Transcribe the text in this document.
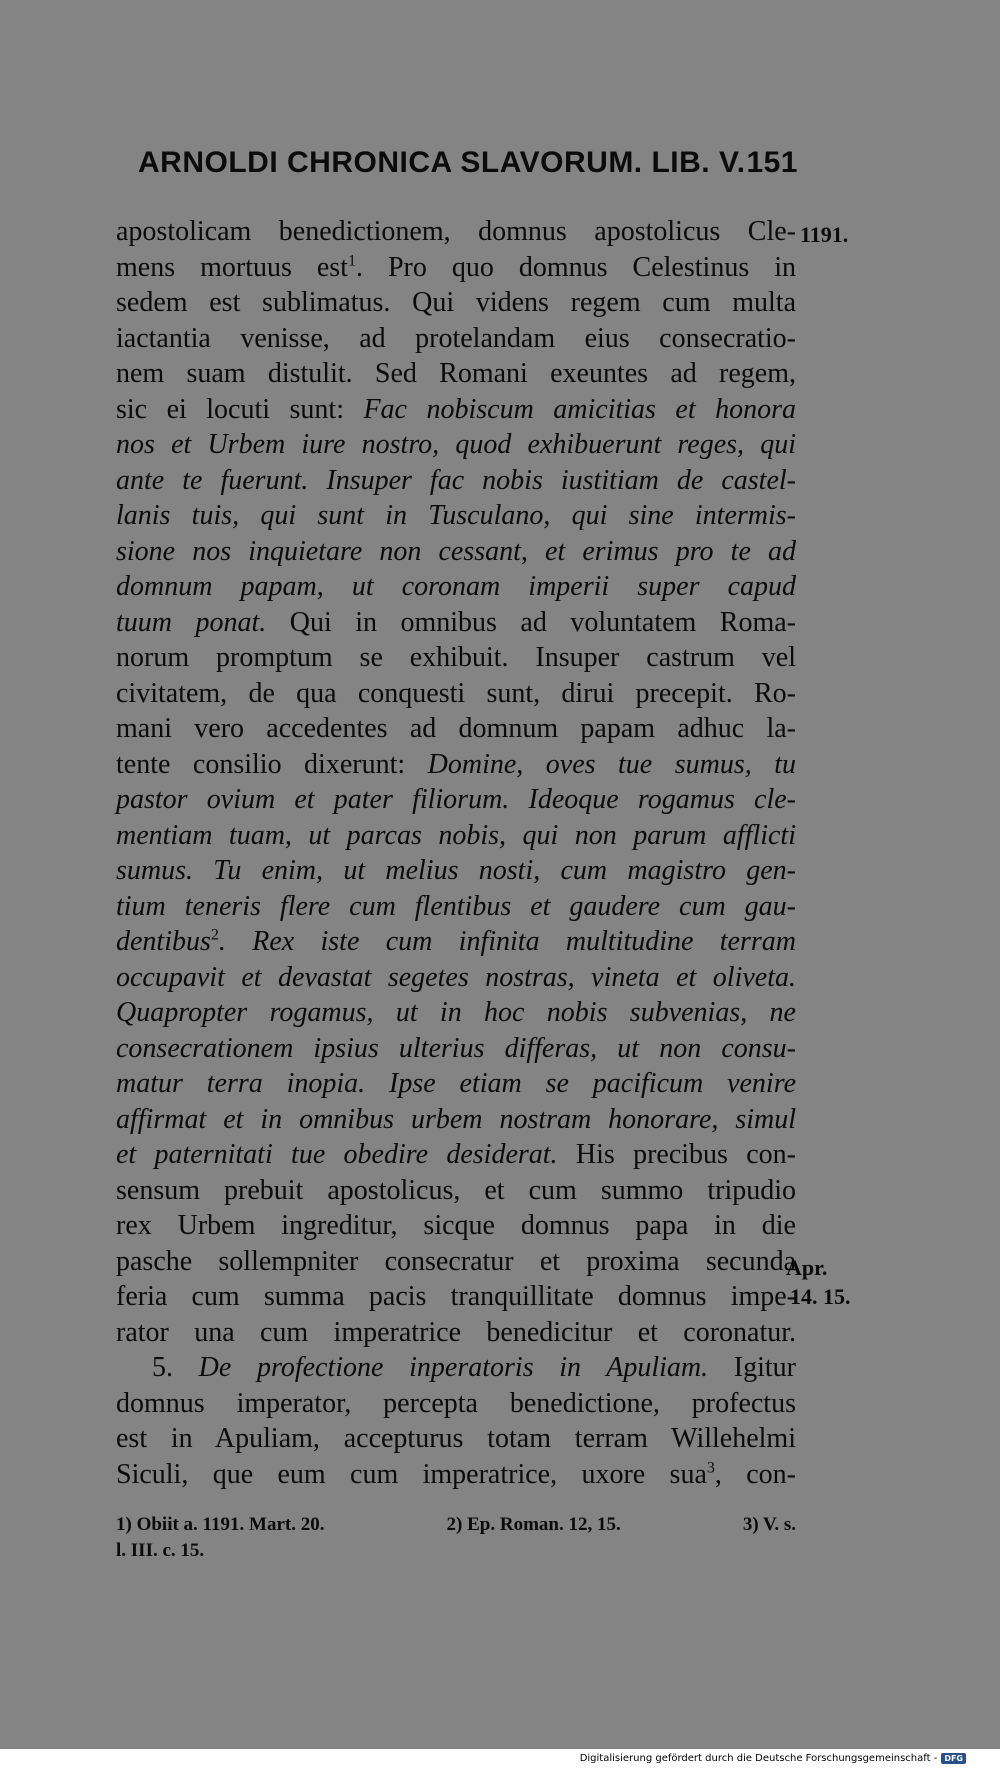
ARNOLDI CHRONICA SLAVORUM. LIB. V. 151
apostolicam benedictionem, domnus apostolicus Cle-
mens mortuus est$^1$. Pro quo domnus Celestinus in
sedem est sublimatus. Qui videns regem cum multa
iactantia venisse, ad protelandam eius consecratio-
nem suam distulit. Sed Romani exeuntes ad regem,
sic ei locuti sunt: Fac nobiscum amicitias et honora
nos et Urbem iure nostro, quod exhibuerunt reges, qui
ante te fuerunt. Insuper fac nobis iustitiam de castel-
lanis tuis, qui sunt in Tusculano, qui sine intermis-
sione nos inquietare non cessant, et erimus pro te ad
domnum papam, ut coronam imperii super capud
tuum ponat. Qui in omnibus ad voluntatem Roma-
norum promptum se exhibuit. Insuper castrum vel
civitatem, de qua conquesti sunt, dirui precepit. Ro-
mani vero accedentes ad domnum papam adhuc la-
tente consilio dixerunt: Domine, oves tue sumus, tu
pastor ovium et pater filiorum. Ideoque rogamus cle-
mentiam tuam, ut parcas nobis, qui non parum afflicti
sumus. Tu enim, ut melius nosti, cum magistro gen-
tium teneris flere cum flentibus et gaudere cum gau-
dentibus$^2$. Rex iste cum infinita multitudine terram
occupavit et devastat segetes nostras, vineta et oliveta.
Quapropter rogamus, ut in hoc nobis subvenias, ne
consecrationem ipsius ulterius differas, ut non consu-
matur terra inopia. Ipse etiam se pacificum venire
affirmat et in omnibus urbem nostram honorare, simul
et paternitati tue obedire desiderat. His precibus con-
sensum prebuit apostolicus, et cum summo tripudio
rex Urbem ingreditur, sicque domnus papa in die
pasche sollempniter consecratur et proxima secunda
feria cum summa pacis tranquillitate domnus impe-
rator una cum imperatrice benedicitur et coronatur.
5. De profectione inperatoris in Apuliam. Igitur
domnus imperator, percepta benedictione, profectus
est in Apuliam, accepturus totam terram Willehelmi
Siculi, que eum cum imperatrice, uxore sua$^3$, con-
1191.
Apr.
14. 15.
1) Obiit a. 1191. Mart. 20.	2) Ep. Roman. 12, 15.	3) V. s.
l. III. c. 15.
Digitalisierung gefördert durch die Deutsche Forschungsgemeinschaft - DFG
